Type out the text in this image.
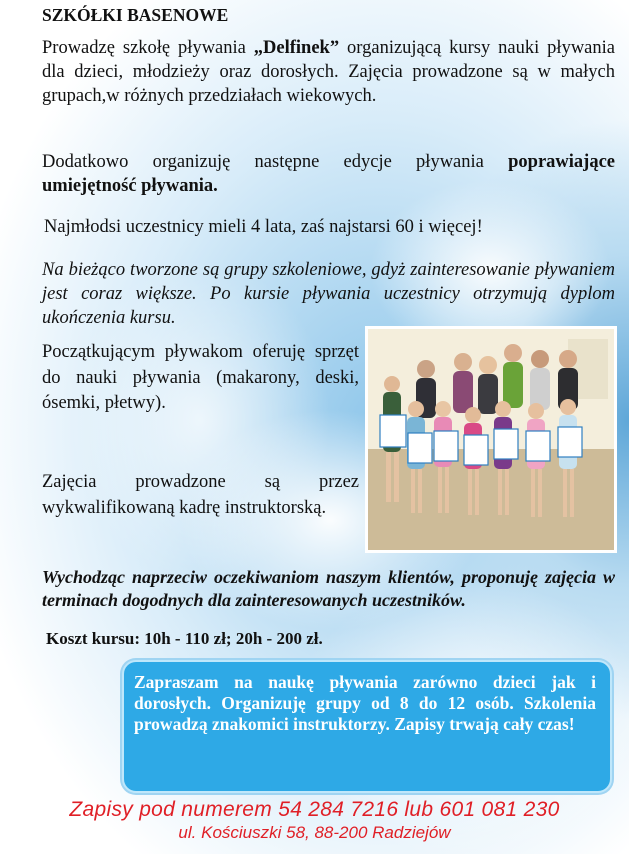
SZKÓŁKI BASENOWE

Prowadzę szkołę pływania „Delfinek” organizującą kursy nauki pływania dla dzieci, młodzieży oraz dorosłych. Zajęcia prowadzone są w małych grupach,w różnych przedziałach wiekowych.

Dodatkowo organizuję następne edycje pływania poprawiające umiejętność pływania.

Najmłodsi uczestnicy mieli 4 lata, zaś najstarsi 60 i więcej!

Na bieżąco tworzone są grupy szkoleniowe, gdyż zainteresowanie pływaniem jest coraz większe. Po kursie pływania uczestnicy otrzymują dyplom ukończenia kursu.

Początkującym pływakom oferuję sprzęt do nauki pływania (makarony, deski, ósemki, płetwy).

Zajęcia prowadzone są przez wykwalifikowaną kadrę instruktorską.

Wychodząc naprzeciw oczekiwaniom naszym klientów, proponuję zajęcia w terminach dogodnych dla zainteresowanych uczestników.

Koszt kursu: 10h - 110 zł; 20h - 200 zł.

Zapraszam na naukę pływania zarówno dzieci jak i dorosłych. Organizuję grupy od 8 do 12 osób. Szkolenia prowadzą znakomici instruktorzy. Zapisy trwają cały czas!
Zapisy pod numerem 54 284 7216 lub 601 081 230
ul. Kościuszki 58, 88-200 Radziejów
